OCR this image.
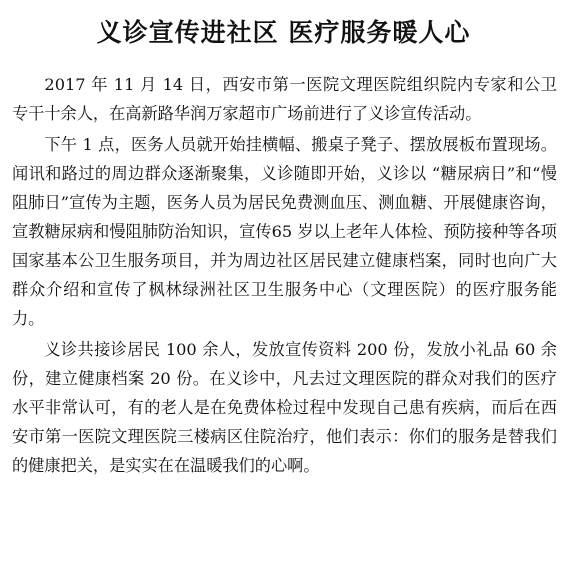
义诊宣传进社区 医疗服务暖人心

2017 年 11 月 14 日，西安市第一医院文理医院组织院内专家和公卫专干十余人，在高新路华润万家超市广场前进行了义诊宣传活动。

下午 1 点，医务人员就开始挂横幅、搬桌子凳子、摆放展板布置现场。闻讯和路过的周边群众逐渐聚集，义诊随即开始，义诊以 “糖尿病日”和“慢阻肺日”宣传为主题，医务人员为居民免费测血压、测血糖、开展健康咨询，宣教糖尿病和慢阻肺防治知识，宣传65 岁以上老年人体检、预防接种等各项国家基本公卫生服务项目，并为周边社区居民建立健康档案，同时也向广大群众介绍和宣传了枫林绿洲社区卫生服务中心（文理医院）的医疗服务能力。

义诊共接诊居民 100 余人，发放宣传资料 200 份，发放小礼品 60 余份，建立健康档案 20 份。在义诊中，凡去过文理医院的群众对我们的医疗水平非常认可，有的老人是在免费体检过程中发现自己患有疾病，而后在西安市第一医院文理医院三楼病区住院治疗，他们表示：你们的服务是替我们的健康把关，是实实在在温暖我们的心啊。
